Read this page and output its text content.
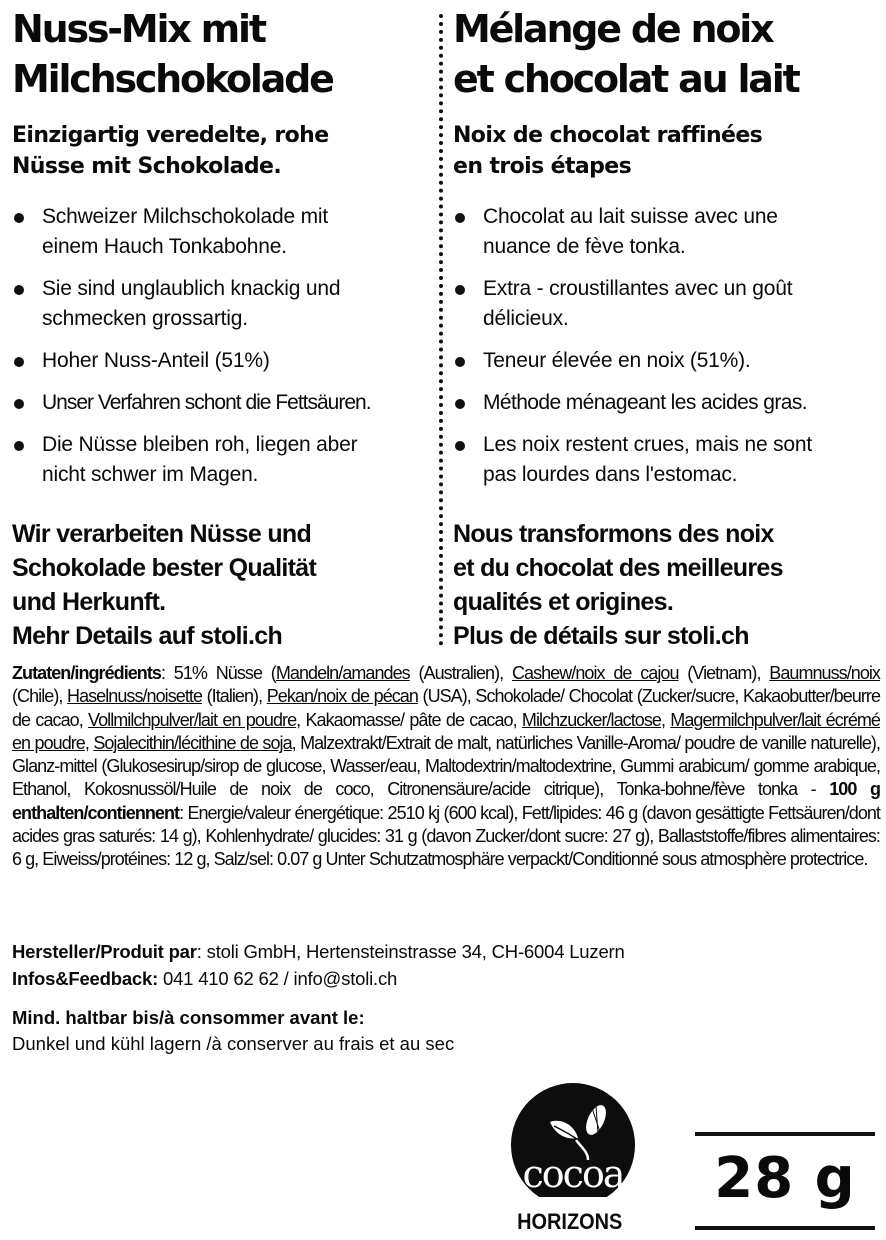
Nuss-Mix mit
Milchschokolade
Einzigartig veredelte, rohe
Nüsse mit Schokolade.
Schweizer Milchschokolade mit
einem Hauch Tonkabohne.
Sie sind unglaublich knackig und
schmecken grossartig.
Hoher Nuss-Anteil (51%)
Unser Verfahren schont die Fettsäuren.
Die Nüsse bleiben roh, liegen aber
nicht schwer im Magen.
Mélange de noix
et chocolat au lait
Noix de chocolat raffinées
en trois étapes
Chocolat au lait suisse avec une
nuance de fève tonka.
Extra - croustillantes avec un goût
délicieux.
Teneur élevée en noix (51%).
Méthode ménageant les acides gras.
Les noix restent crues, mais ne sont
pas lourdes dans l'estomac.
Wir verarbeiten Nüsse und
Schokolade bester Qualität
und Herkunft.
Mehr Details auf stoli.ch
Nous transformons des noix
et du chocolat des meilleures
qualités et origines.
Plus de détails sur stoli.ch
Zutaten/ingrédients: 51% Nüsse (Mandeln/amandes (Australien), Cashew/noix de cajou (Vietnam), Baumnuss/noix (Chile), Haselnuss/noisette (Italien), Pekan/noix de pécan (USA), Schokolade/ Chocolat (Zucker/sucre, Kakaobutter/beurre de cacao, Vollmilchpulver/lait en poudre, Kakaomasse/ pâte de cacao, Milchzucker/lactose, Magermilchpulver/lait écrémé en poudre, Sojalecithin/lécithine de soja, Malzextrakt/Extrait de malt, natürliches Vanille-Aroma/ poudre de vanille naturelle), Glanz-mittel (Glukosesirup/sirop de glucose, Wasser/eau, Maltodextrin/maltodextrine, Gummi arabicum/ gomme arabique, Ethanol, Kokosnussöl/Huile de noix de coco, Citronensäure/acide citrique), Tonka-bohne/fève tonka - 100 g enthalten/contiennent: Energie/valeur énergétique: 2510 kj (600 kcal), Fett/lipides: 46 g (davon gesättigte Fettsäuren/dont acides gras saturés: 14 g), Kohlenhydrate/ glucides: 31 g (davon Zucker/dont sucre: 27 g), Ballaststoffe/fibres alimentaires: 6 g, Eiweiss/protéines: 12 g, Salz/sel: 0.07 g Unter Schutzatmosphäre verpackt/Conditionné sous atmosphère protectrice.
Hersteller/Produit par: stoli GmbH, Hertensteinstrasse 34, CH-6004 Luzern
Infos&Feedback: 041 410 62 62 / info@stoli.ch
Mind. haltbar bis/à consommer avant le:
Dunkel und kühl lagern /à conserver au frais et au sec
cocoa
HORIZONS
28 g
